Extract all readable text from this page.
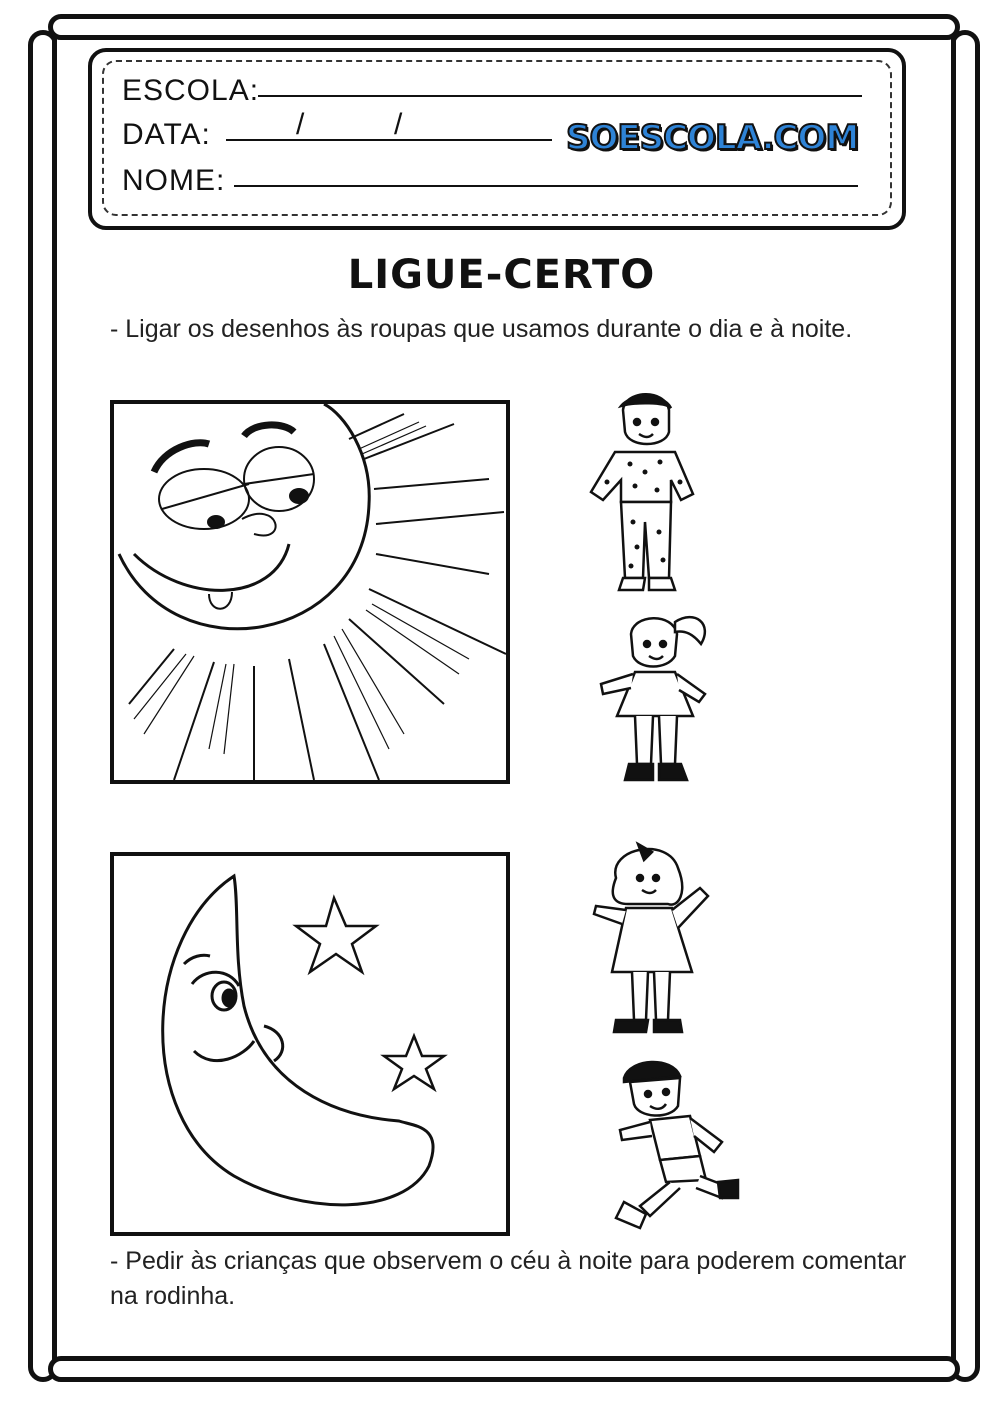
ESCOLA:
DATA:	/	/	SOESCOLA.COM
NOME:
LIGUE-CERTO
- Ligar os desenhos às roupas que usamos durante o dia e à noite.
- Pedir às crianças que observem o céu à noite para poderem comentar na rodinha.
